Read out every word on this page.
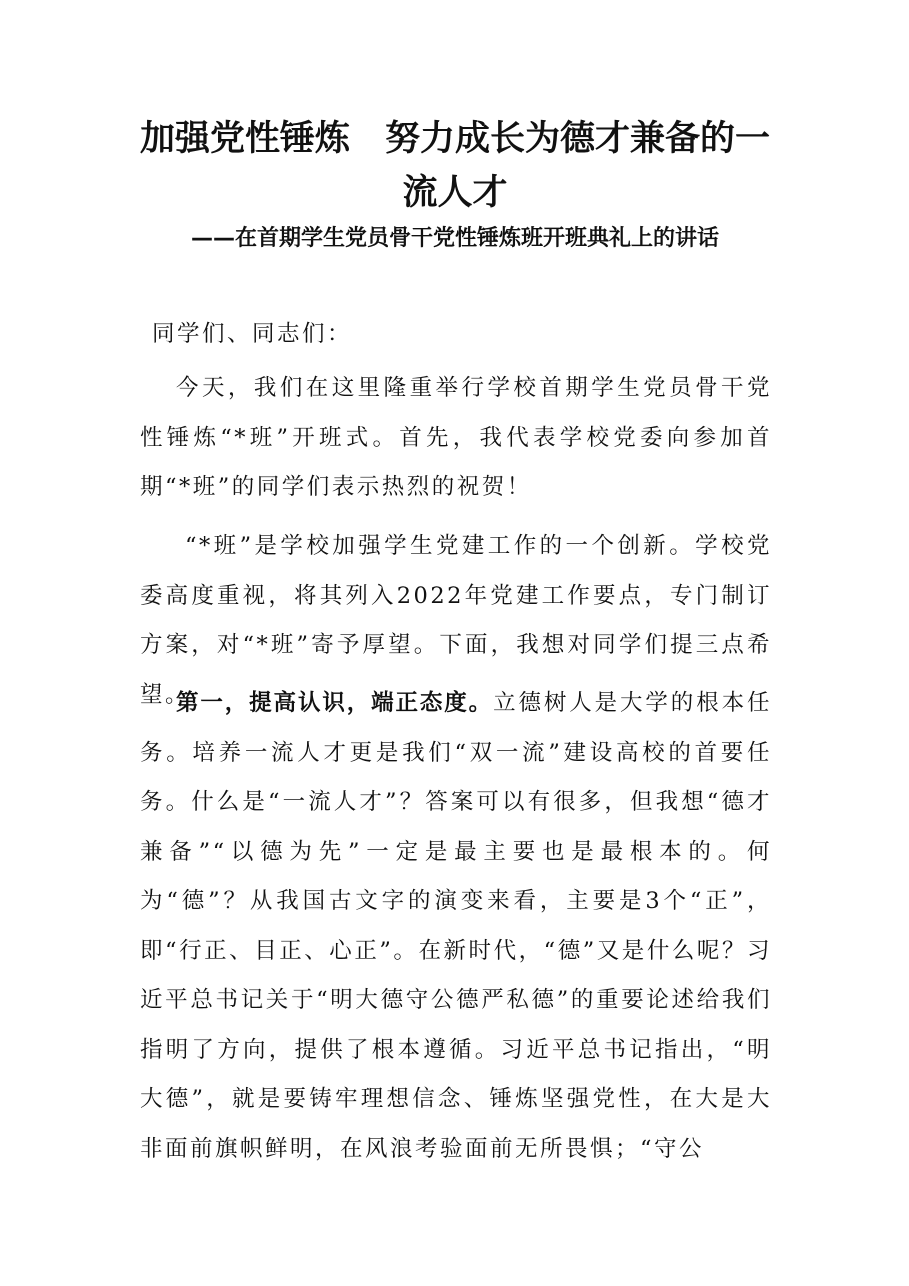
加强党性锤炼　努力成长为德才兼备的一流人才

——在首期学生党员骨干党性锤炼班开班典礼上的讲话

同学们、同志们：

今天，我们在这里隆重举行学校首期学生党员骨干党性锤炼“*班”开班式。首先，我代表学校党委向参加首期“*班”的同学们表示热烈的祝贺！

“*班”是学校加强学生党建工作的一个创新。学校党委高度重视，将其列入2022年党建工作要点，专门制订方案，对“*班”寄予厚望。下面，我想对同学们提三点希望。

第一，提高认识，端正态度。立德树人是大学的根本任务。培养一流人才更是我们“双一流”建设高校的首要任务。什么是“一流人才”？答案可以有很多，但我想“德才兼备”“以德为先”一定是最主要也是最根本的。何为“德”？从我国古文字的演变来看，主要是3个“正”，即“行正、目正、心正”。在新时代，“德”又是什么呢？习近平总书记关于“明大德守公德严私德”的重要论述给我们指明了方向，提供了根本遵循。习近平总书记指出，“明大德”，就是要铸牢理想信念、锤炼坚强党性，在大是大非面前旗帜鲜明，在风浪考验面前无所畏惧；“守公
